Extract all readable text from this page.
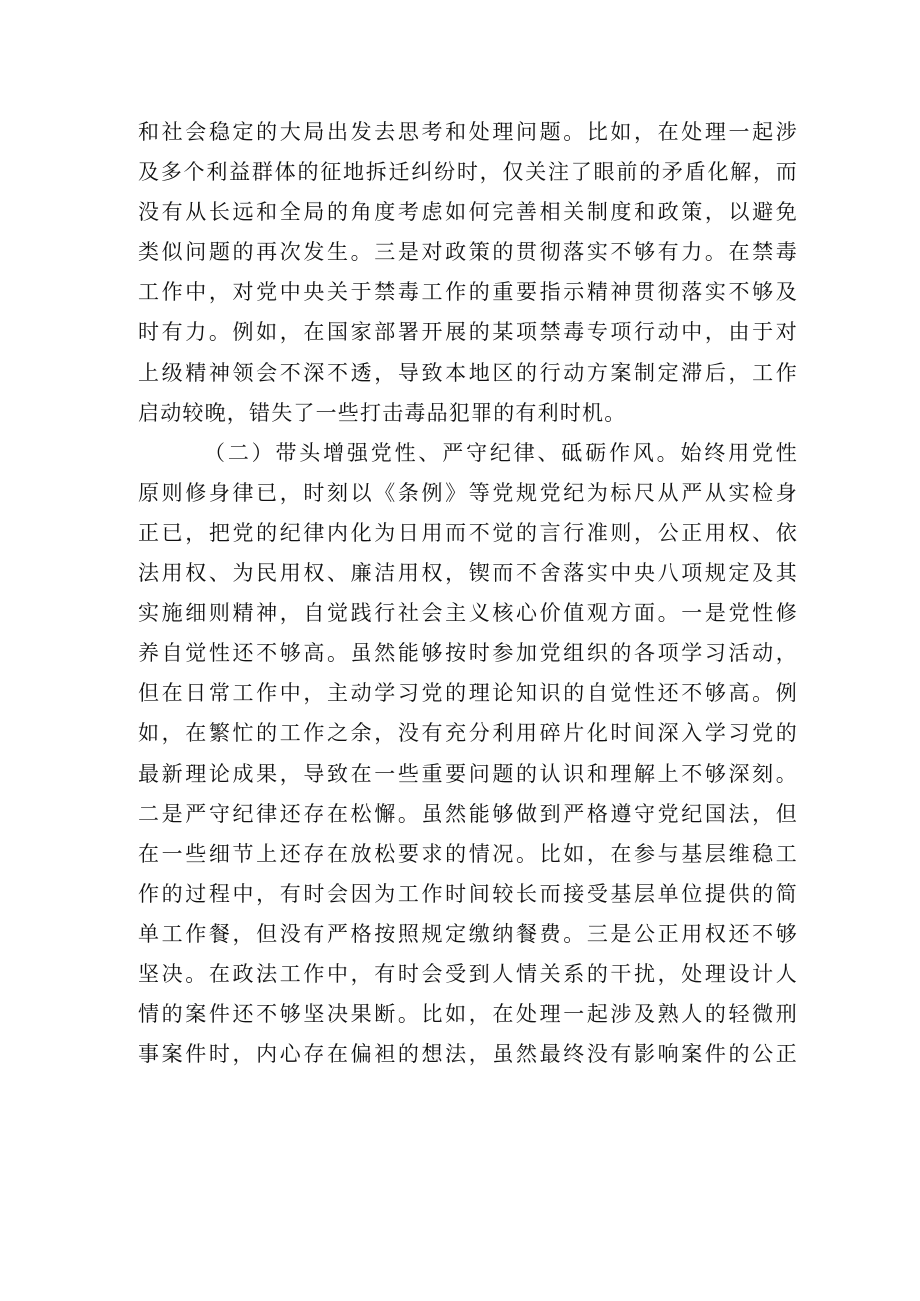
和社会稳定的大局出发去思考和处理问题。比如，在处理一起涉
及多个利益群体的征地拆迁纠纷时，仅关注了眼前的矛盾化解，而
没有从长远和全局的角度考虑如何完善相关制度和政策，以避免
类似问题的再次发生。三是对政策的贯彻落实不够有力。在禁毒
工作中，对党中央关于禁毒工作的重要指示精神贯彻落实不够及
时有力。例如，在国家部署开展的某项禁毒专项行动中，由于对
上级精神领会不深不透，导致本地区的行动方案制定滞后，工作
启动较晚，错失了一些打击毒品犯罪的有利时机。
（二）带头增强党性、严守纪律、砥砺作风。始终用党性
原则修身律已，时刻以《条例》等党规党纪为标尺从严从实检身
正已，把党的纪律内化为日用而不觉的言行准则，公正用权、依
法用权、为民用权、廉洁用权，锲而不舍落实中央八项规定及其
实施细则精神，自觉践行社会主义核心价值观方面。一是党性修
养自觉性还不够高。虽然能够按时参加党组织的各项学习活动，
但在日常工作中，主动学习党的理论知识的自觉性还不够高。例
如，在繁忙的工作之余，没有充分利用碎片化时间深入学习党的
最新理论成果，导致在一些重要问题的认识和理解上不够深刻。
二是严守纪律还存在松懈。虽然能够做到严格遵守党纪国法，但
在一些细节上还存在放松要求的情况。比如，在参与基层维稳工
作的过程中，有时会因为工作时间较长而接受基层单位提供的简
单工作餐，但没有严格按照规定缴纳餐费。三是公正用权还不够
坚决。在政法工作中，有时会受到人情关系的干扰，处理设计人
情的案件还不够坚决果断。比如，在处理一起涉及熟人的轻微刑
事案件时，内心存在偏袒的想法，虽然最终没有影响案件的公正
